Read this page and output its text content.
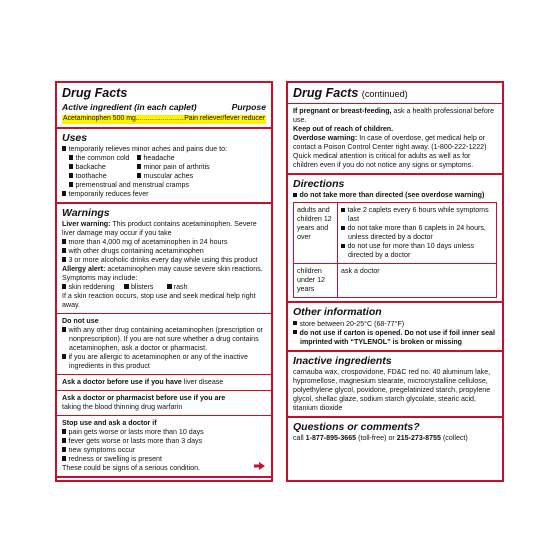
Drug Facts
Active ingredient (in each caplet)	Purpose
Acetaminophen 500 mg .....	Pain reliever/fever reducer
Uses

temporarily relieves minor aches and pains due to:

the common cold	headache
backache	minor pain of arthritis
toothache	muscular aches

premenstrual and menstrual cramps

temporarily reduces fever

Warnings

Liver warning: This product contains acetaminophen. Severe liver damage may occur if you take

more than 4,000 mg of acetaminophen in 24 hours

with other drugs containing acetaminophen

3 or more alcoholic drinks every day while using this product

Allergy alert: acetaminophen may cause severe skin reactions. Symptoms may include:

skin reddening blisters	rash

If a skin reaction occurs, stop use and seek medical help right away.

Do not use

with any other drug containing acetaminophen (prescription or nonprescription). If you are not sure whether a drug contains acetaminophen, ask a doctor or pharmacist.

if you are allergic to acetaminophen or any of the inactive ingredients in this product

Ask a doctor before use if you have liver disease

Ask a doctor or pharmacist before use if you are

taking the blood thinning drug warfarin

Stop use and ask a doctor if

pain gets worse or lasts more than 10 days

fever gets worse or lasts more than 3 days

new symptoms occur

redness or swelling is present

These could be signs of a serious condition.

Drug Facts (continued)

If pregnant or breast-feeding, ask a health professional before use.

Keep out of reach of children.

Overdose warning: In case of overdose, get medical help or contact a Poison Control Center right away. (1-800-222-1222) Quick medical attention is critical for adults as well as for children even if you do not notice any signs or symptoms.

Directions

do not take more than directed (see overdose warning)

adults and children 12 years and over	take 2 caplets every 6 hours while symptoms last

do not take more than 6 caplets in 24 hours, unless directed by a doctor

do not use for more than 10 days unless directed by a doctor

children under 12 years	ask a doctor
Other information

store between 20-25°C (68-77°F)

do not use if carton is opened. Do not use if foil inner seal imprinted with “TYLENOL” is broken or missing

Inactive ingredients

carnauba wax, crospovidone, FD&C red no. 40 aluminum lake, hypromellose, magnesium stearate, microcrystalline cellulose, polyethylene glycol, povidone, pregelatinized starch, propylene glycol, shellac glaze, sodium starch glycolate, stearic acid, titanium dioxide

Questions or comments?

call 1-877-895-3665 (toll-free) or 215-273-8755 (collect)
